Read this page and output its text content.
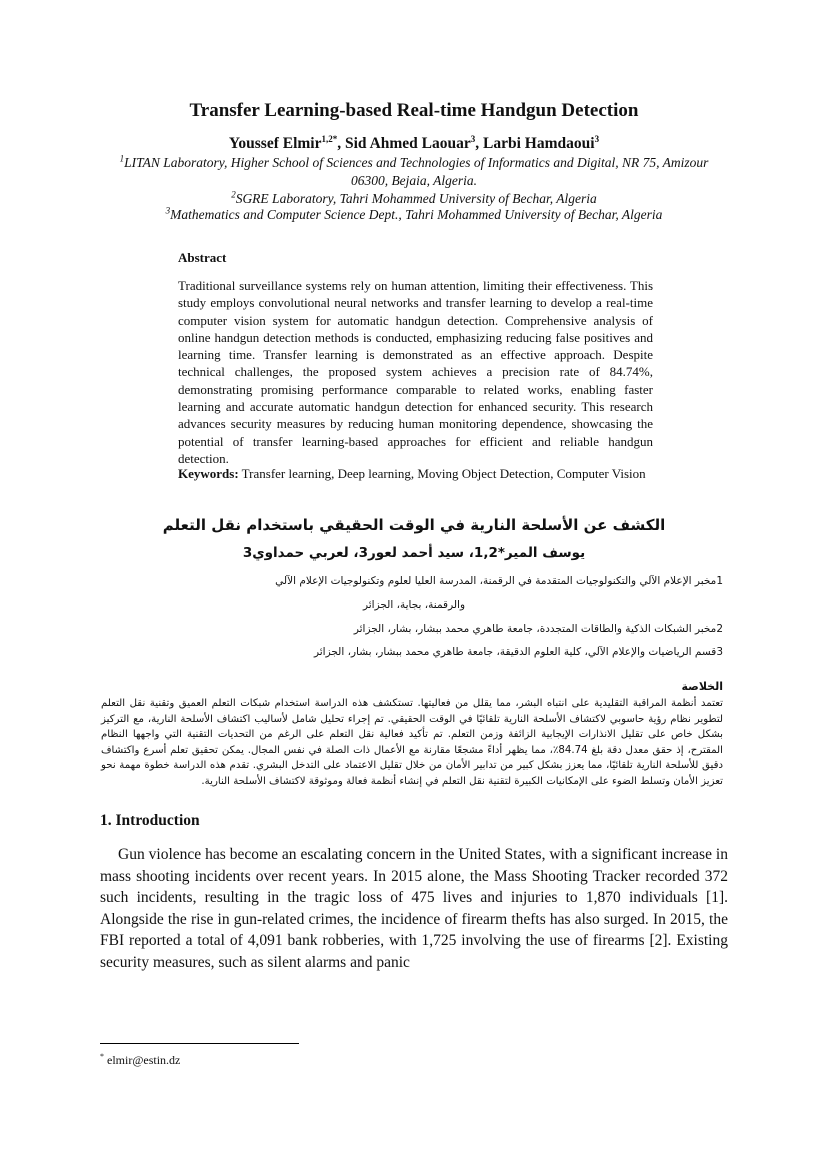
Transfer Learning-based Real-time Handgun Detection
Youssef Elmir$^{1,2*}$, Sid Ahmed Laouar$^3$, Larbi Hamdaoui$^3$
$^1$LITAN Laboratory, Higher School of Sciences and Technologies of Informatics and Digital, NR 75, Amizour
06300, Bejaia, Algeria.
$^2$SGRE Laboratory, Tahri Mohammed University of Bechar, Algeria
$^3$Mathematics and Computer Science Dept., Tahri Mohammed University of Bechar, Algeria
Abstract

Traditional surveillance systems rely on human attention, limiting their effectiveness. This study employs convolutional neural networks and transfer learning to develop a real-time computer vision system for automatic handgun detection. Comprehensive analysis of online handgun detection methods is conducted, emphasizing reducing false positives and learning time. Transfer learning is demonstrated as an effective approach. Despite technical challenges, the proposed system achieves a precision rate of 84.74%, demonstrating promising performance comparable to related works, enabling faster learning and accurate automatic handgun detection for enhanced security. This research advances security measures by reducing human monitoring dependence, showcasing the potential of transfer learning-based approaches for efficient and reliable handgun detection.

Keywords: Transfer learning, Deep learning, Moving Object Detection, Computer Vision

الكشف عن الأسلحة النارية في الوقت الحقيقي باستخدام نقل التعلم
يوسف المير*1,2، سيد أحمد لعور3، لعربي حمداوي3
1مخبر الإعلام الآلي والتكنولوجيات المتقدمة في الرقمنة، المدرسة العليا لعلوم وتكنولوجيات الإعلام الآلي
والرقمنة، بجاية، الجزائر
2مخبر الشبكات الذكية والطاقات المتجددة، جامعة طاهري محمد ببشار، بشار، الجزائر
3قسم الرياضيات والإعلام الآلي، كلية العلوم الدقيقة، جامعة طاهري محمد ببشار، بشار، الجزائر
الخلاصة

تعتمد أنظمة المراقبة التقليدية على انتباه البشر، مما يقلل من فعاليتها. تستكشف هذه الدراسة استخدام شبكات التعلم العميق وتقنية نقل التعلم لتطوير نظام رؤية حاسوبي لاكتشاف الأسلحة النارية تلقائيًا في الوقت الحقيقي. تم إجراء تحليل شامل لأساليب اكتشاف الأسلحة النارية، مع التركيز بشكل خاص على تقليل الانذارات الإيجابية الزائفة وزمن التعلم. تم تأكيد فعالية نقل التعلم على الرغم من التحديات التقنية التي واجهها النظام المقترح، إذ حقق معدل دقة بلغ 84.74٪، مما يظهر أداءً مشجعًا مقارنة مع الأعمال ذات الصلة في نفس المجال. يمكن تحقيق تعلم أسرع واكتشاف دقيق للأسلحة النارية تلقائيًا، مما يعزز بشكل كبير من تدابير الأمان من خلال تقليل الاعتماد على التدخل البشري. تقدم هذه الدراسة خطوة مهمة نحو تعزيز الأمان وتسلط الضوء على الإمكانيات الكبيرة لتقنية نقل التعلم في إنشاء أنظمة فعالة وموثوقة لاكتشاف الأسلحة النارية.

1. Introduction

Gun violence has become an escalating concern in the United States, with a significant increase in mass shooting incidents over recent years. In 2015 alone, the Mass Shooting Tracker recorded 372 such incidents, resulting in the tragic loss of 475 lives and injuries to 1,870 individuals [1]. Alongside the rise in gun-related crimes, the incidence of firearm thefts has also surged. In 2015, the FBI reported a total of 4,091 bank robberies, with 1,725 involving the use of firearms [2]. Existing security measures, such as silent alarms and panic

* elmir@estin.dz
